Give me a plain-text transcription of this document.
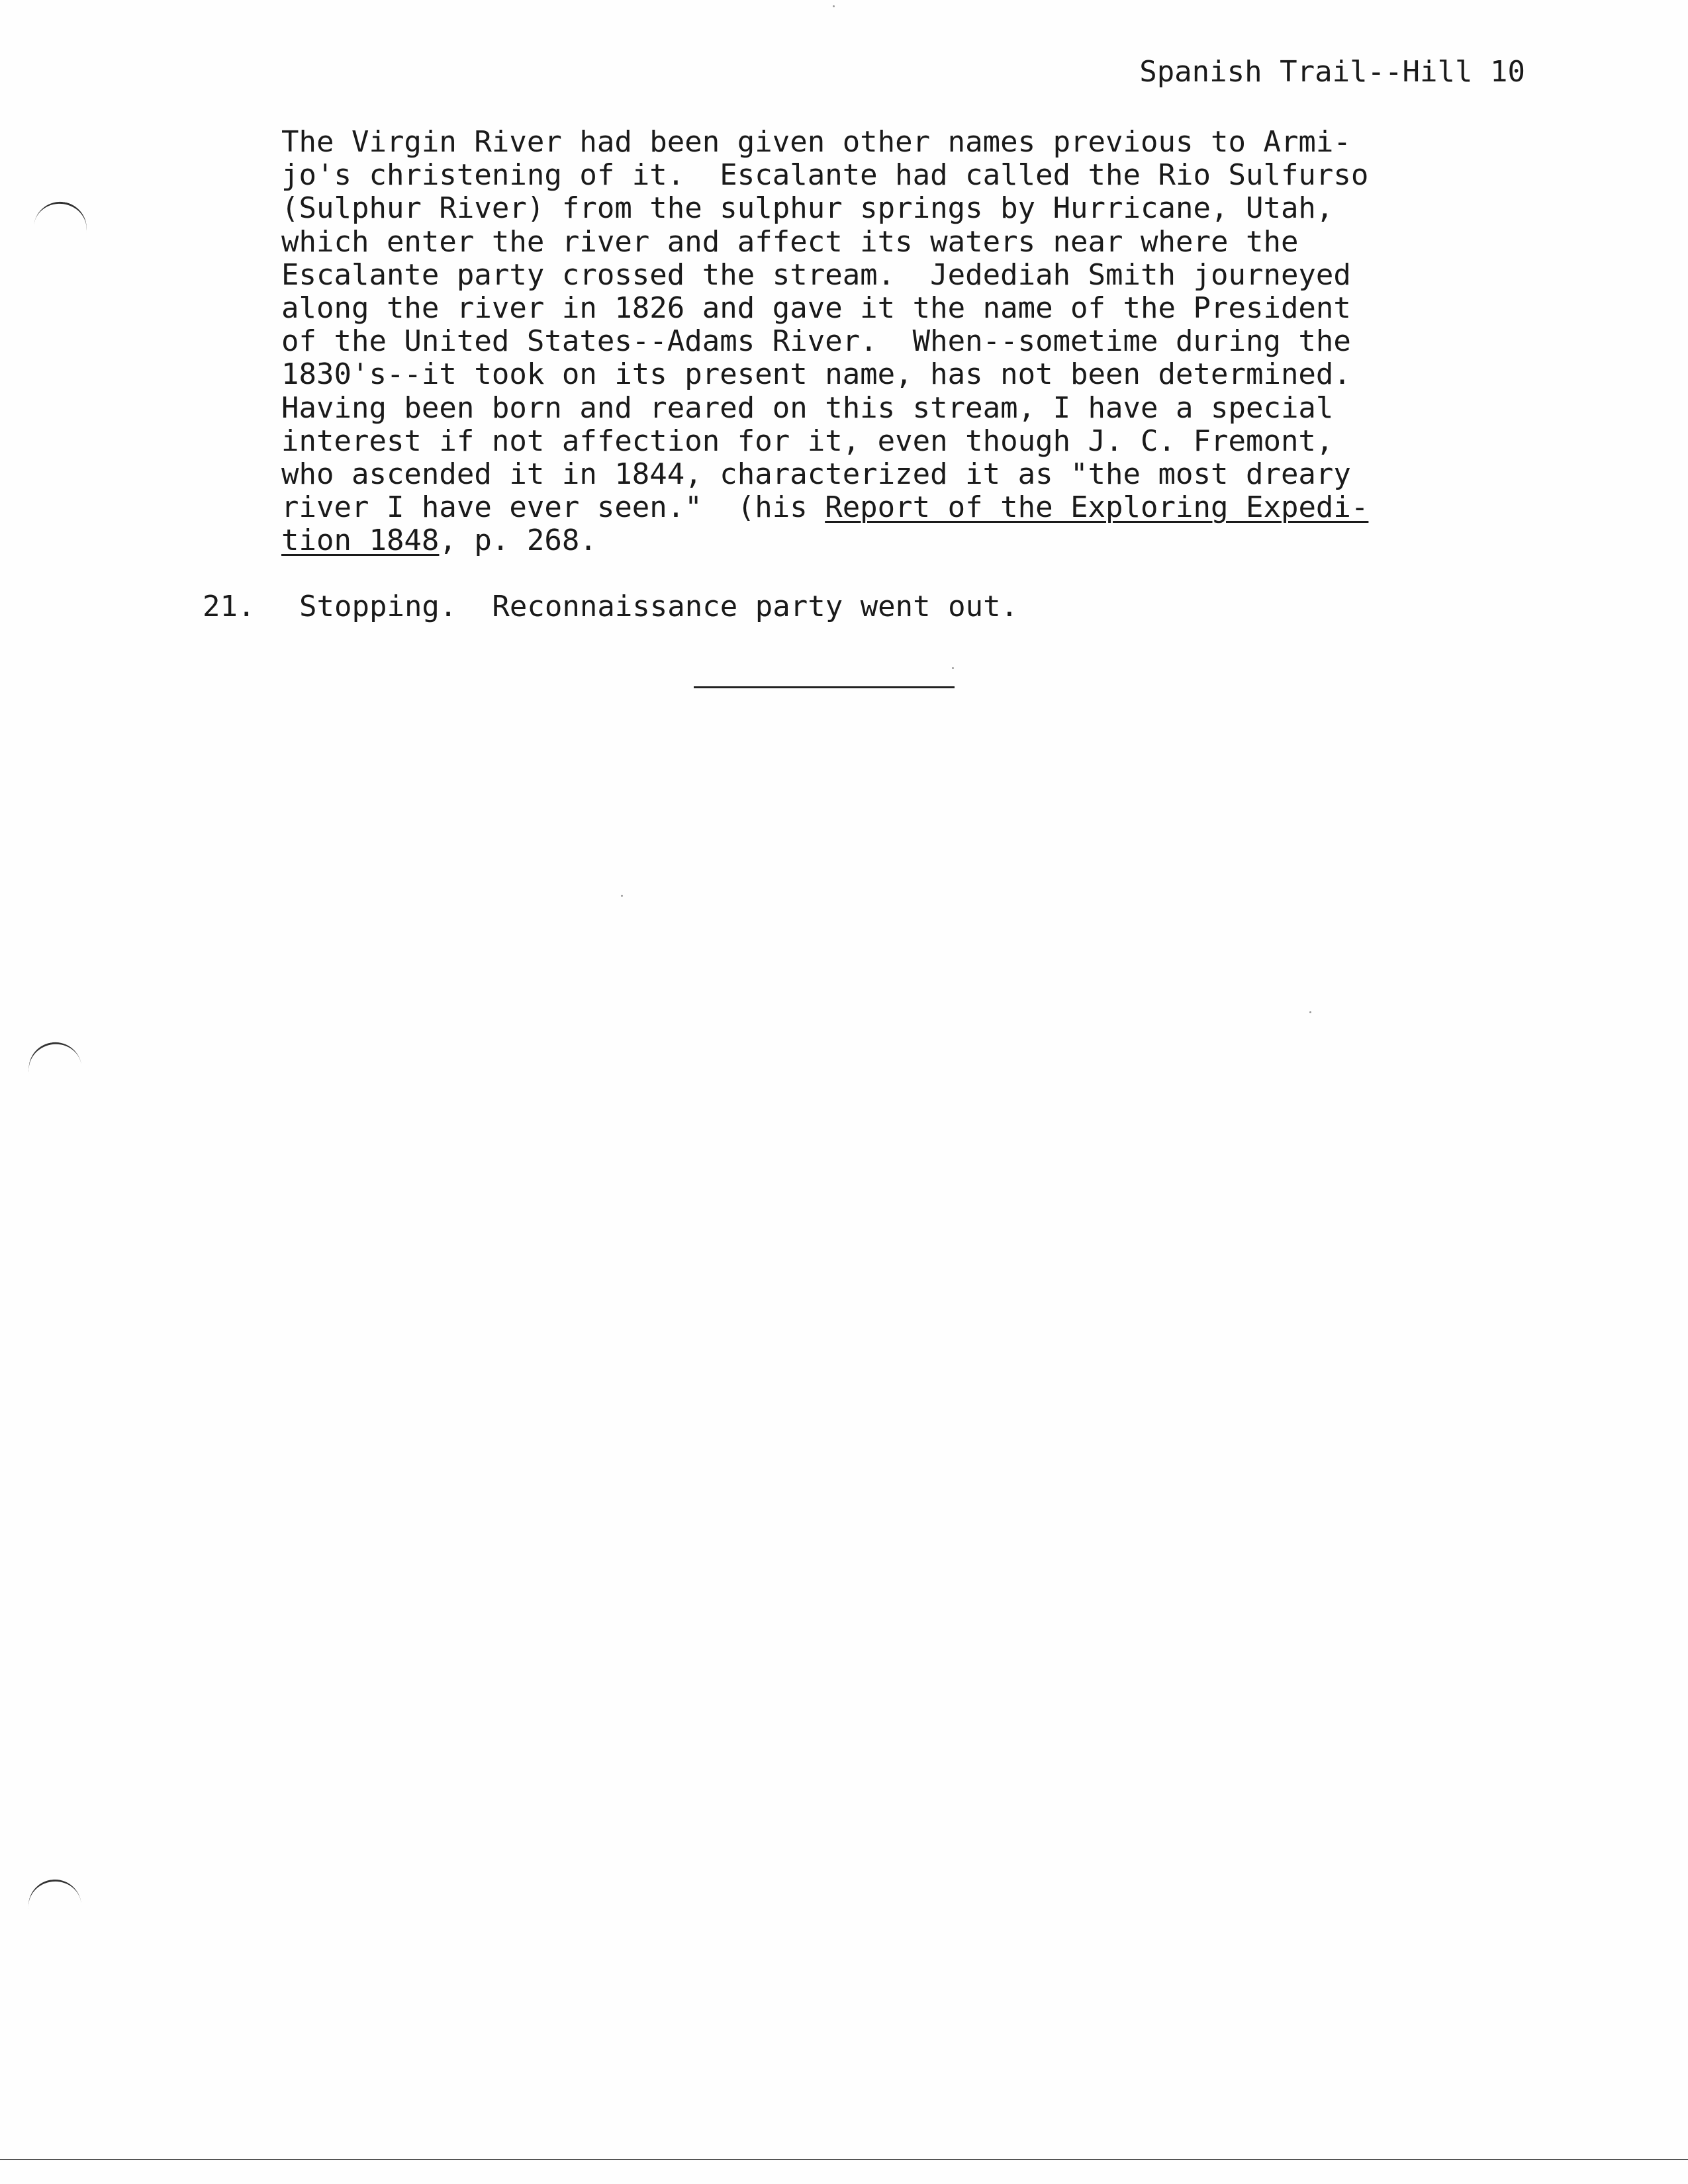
Spanish Trail--Hill 10
The Virgin River had been given other names previous to Armi-
jo's christening of it.  Escalante had called the Rio Sulfurso
(Sulphur River) from the sulphur springs by Hurricane, Utah,
which enter the river and affect its waters near where the
Escalante party crossed the stream.  Jedediah Smith journeyed
along the river in 1826 and gave it the name of the President
of the United States--Adams River.  When--sometime during the
1830's--it took on its present name, has not been determined.
Having been born and reared on this stream, I have a special
interest if not affection for it, even though J. C. Fremont,
who ascended it in 1844, characterized it as "the most dreary
river I have ever seen."  (his Report of the Exploring Expedi-
tion 1848, p. 268.
21. Stopping.  Reconnaissance party went out.
